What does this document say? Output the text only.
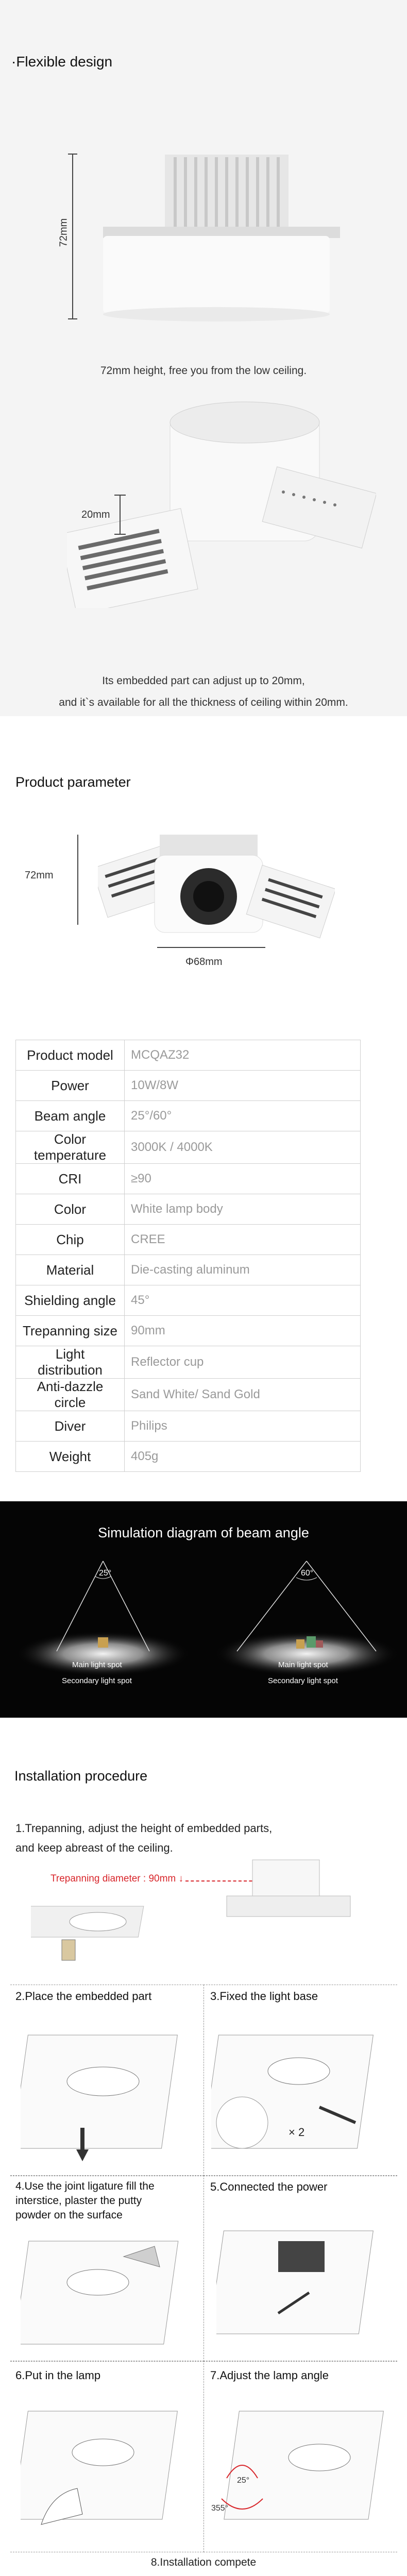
·Flexible design
72mm
72mm height, free you from the low ceiling.
20mm
Its embedded part can adjust up to 20mm,
and it`s available for all the thickness of ceiling within 20mm.
Product parameter
72mm
Φ68mm
Product model	MCQAZ32
Power	10W/8W
Beam angle	25°/60°
Color temperature	3000K / 4000K
CRI	≥90
Color	White lamp body
Chip	CREE
Material	Die-casting aluminum
Shielding angle	45°
Trepanning size	90mm
Light distribution	Reflector cup
Anti-dazzle circle	Sand White/ Sand Gold
Diver	Philips
Weight	405g
Simulation diagram of beam angle
25°	60°
Main light spot
Secondary light spot
Main light spot
Secondary light spot
Installation procedure
1.Trepanning, adjust the height of embedded parts,
and keep abreast of the ceiling.
Trepanning diameter : 90mm ↓
2.Place the embedded part	3.Fixed the light base
× 2
4.Use the joint ligature fill the
interstice, plaster the putty
powder on the surface
5.Connected the power
6.Put in the lamp	7.Adjust the lamp angle
25°
355°
8.Installation compete
